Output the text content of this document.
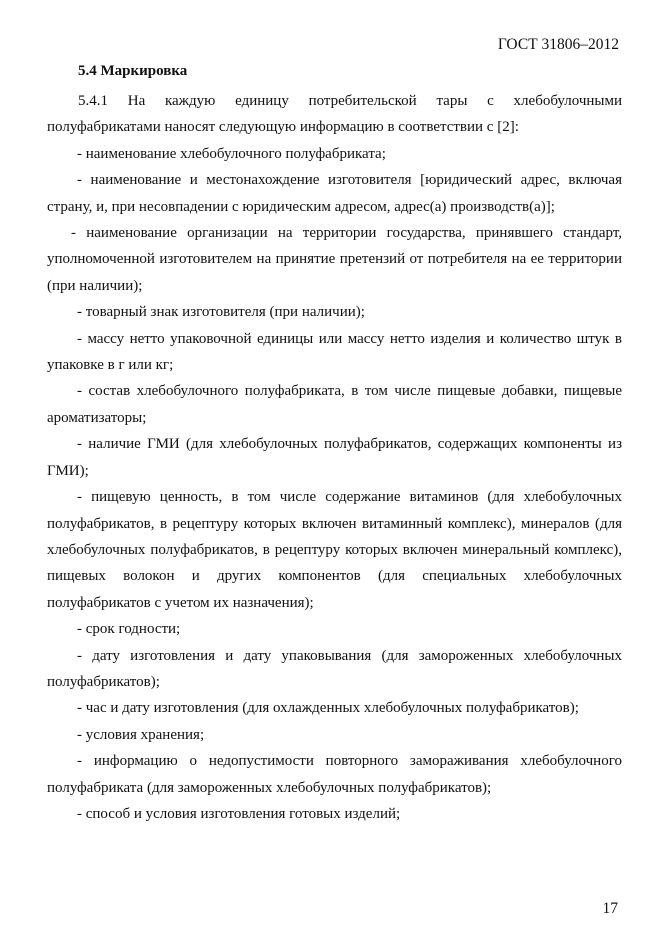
ГОСТ 31806–2012
5.4 Маркировка

5.4.1 На каждую единицу потребительской тары с хлебобулочными полуфабрикатами наносят следующую информацию в соответствии с [2]:

- наименование хлебобулочного полуфабриката;

- наименование и местонахождение изготовителя [юридический адрес, включая страну, и, при несовпадении с юридическим адресом, адрес(а) производств(а)];

- наименование организации на территории государства, принявшего стандарт, уполномоченной изготовителем на принятие претензий от потребителя на ее территории (при наличии);

- товарный знак изготовителя (при наличии);

- массу нетто упаковочной единицы или массу нетто изделия и количество штук в упаковке в г или кг;

- состав хлебобулочного полуфабриката, в том числе пищевые добавки, пищевые ароматизаторы;

- наличие ГМИ (для хлебобулочных полуфабрикатов, содержащих компоненты из ГМИ);

- пищевую ценность, в том числе содержание витаминов (для хлебобулочных полуфабрикатов, в рецептуру которых включен витаминный комплекс), минералов (для хлебобулочных полуфабрикатов, в рецептуру которых включен минеральный комплекс), пищевых волокон и других компонентов (для специальных хлебобулочных полуфабрикатов с учетом их назначения);

- срок годности;

- дату изготовления и дату упаковывания (для замороженных хлебобулочных полуфабрикатов);

- час и дату изготовления (для охлажденных хлебобулочных полуфабрикатов);

- условия хранения;

- информацию о недопустимости повторного замораживания хлебобулочного полуфабриката (для замороженных хлебобулочных полуфабрикатов);

- способ и условия изготовления готовых изделий;

17
